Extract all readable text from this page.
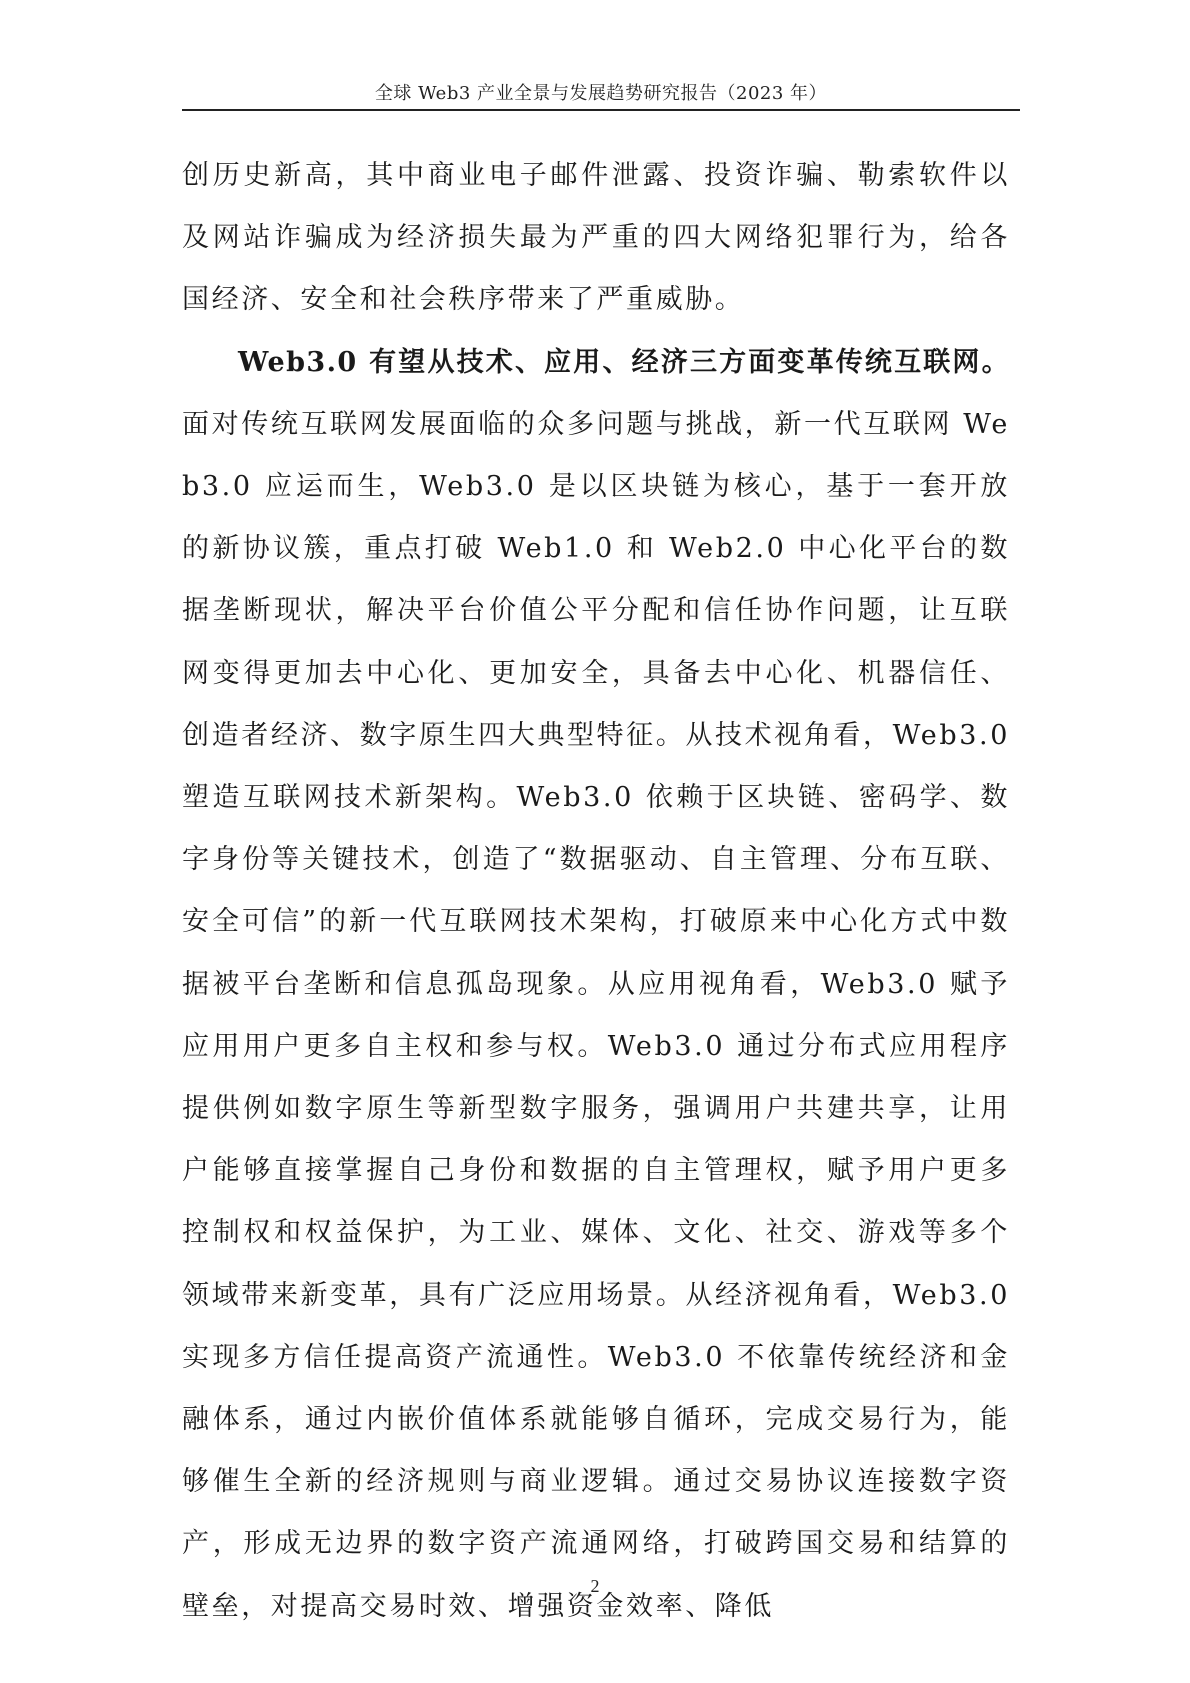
全球 Web3 产业全景与发展趋势研究报告（2023 年）

创历史新高，其中商业电子邮件泄露、投资诈骗、勒索软件以及网站诈骗成为经济损失最为严重的四大网络犯罪行为，给各国经济、安全和社会秩序带来了严重威胁。

Web3.0 有望从技术、应用、经济三方面变革传统互联网。面对传统互联网发展面临的众多问题与挑战，新一代互联网 Web3.0 应运而生，Web3.0 是以区块链为核心，基于一套开放的新协议簇，重点打破 Web1.0 和 Web2.0 中心化平台的数据垄断现状，解决平台价值公平分配和信任协作问题，让互联网变得更加去中心化、更加安全，具备去中心化、机器信任、创造者经济、数字原生四大典型特征。从技术视角看，Web3.0 塑造互联网技术新架构。Web3.0 依赖于区块链、密码学、数字身份等关键技术，创造了“数据驱动、自主管理、分布互联、安全可信”的新一代互联网技术架构，打破原来中心化方式中数据被平台垄断和信息孤岛现象。从应用视角看，Web3.0 赋予应用用户更多自主权和参与权。Web3.0 通过分布式应用程序提供例如数字原生等新型数字服务，强调用户共建共享，让用户能够直接掌握自己身份和数据的自主管理权，赋予用户更多控制权和权益保护，为工业、媒体、文化、社交、游戏等多个领域带来新变革，具有广泛应用场景。从经济视角看，Web3.0 实现多方信任提高资产流通性。Web3.0 不依靠传统经济和金融体系，通过内嵌价值体系就能够自循环，完成交易行为，能够催生全新的经济规则与商业逻辑。通过交易协议连接数字资产，形成无边界的数字资产流通网络，打破跨国交易和结算的壁垒，对提高交易时效、增强资金效率、降低

2
